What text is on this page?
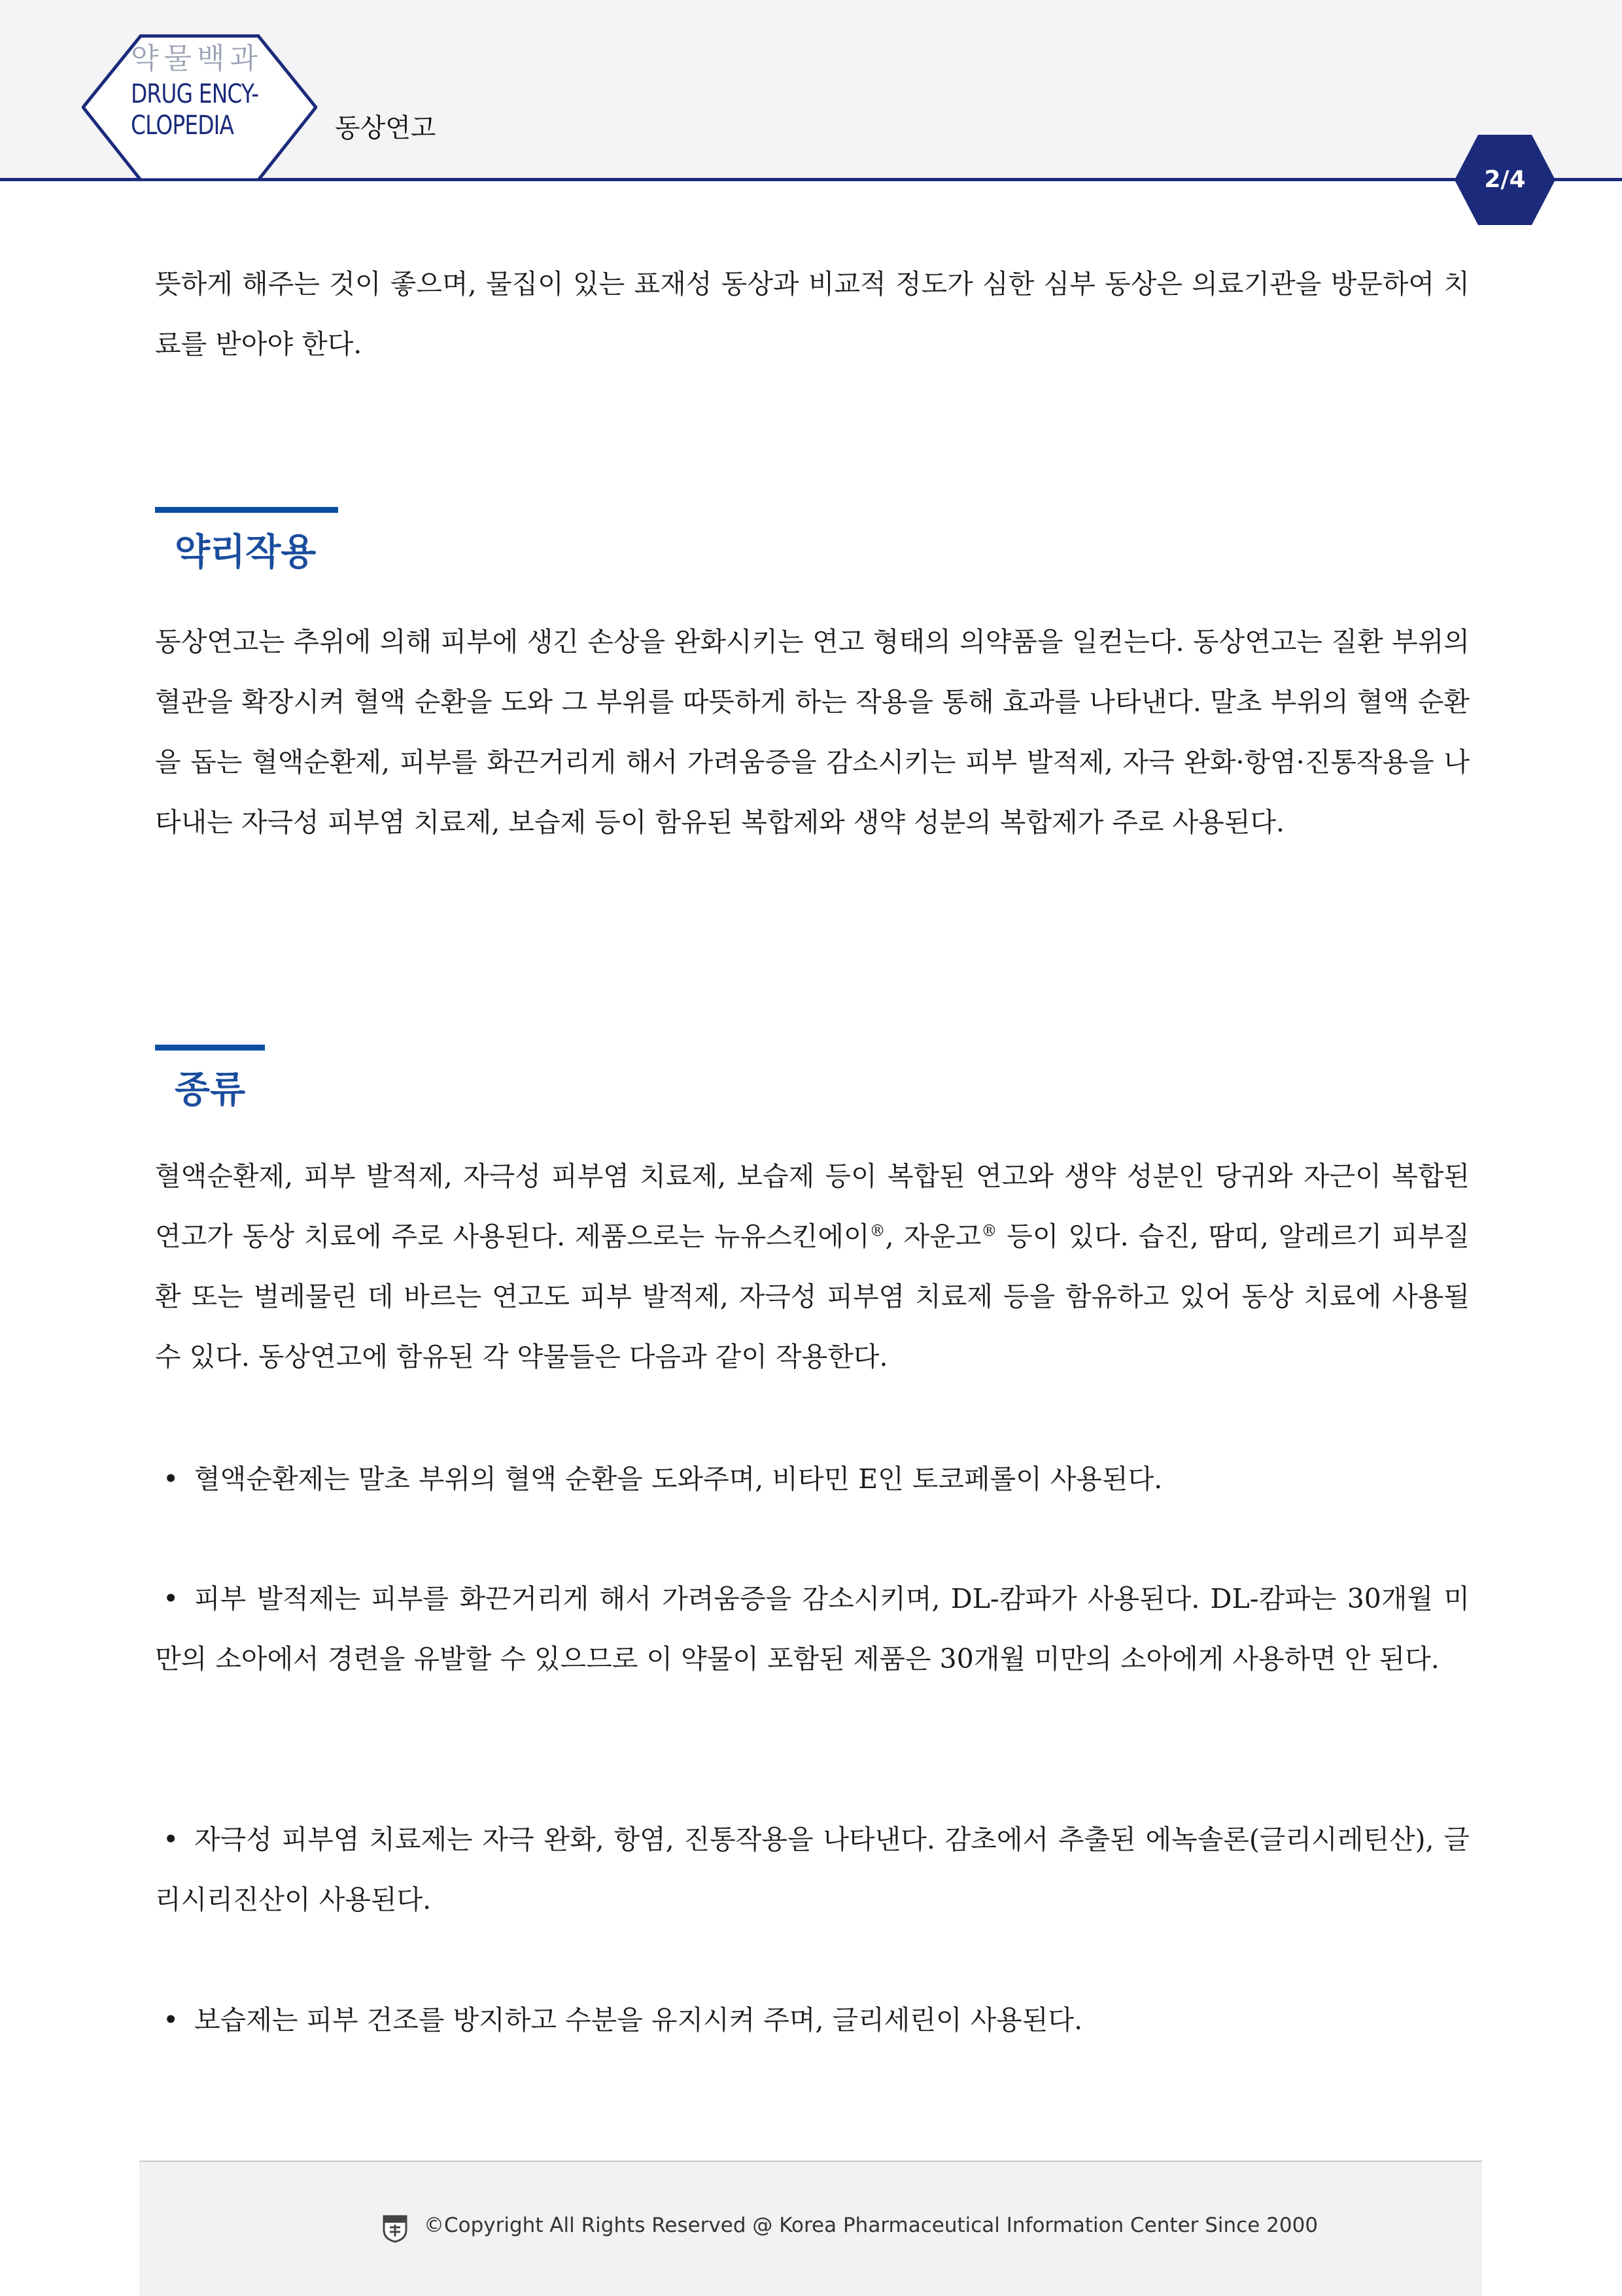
약물백과
DRUG ENCY-
CLOPEDIA	동상연고
2/4
뜻하게 해주는 것이 좋으며, 물집이 있는 표재성 동상과 비교적 정도가 심한 심부 동상은 의료기관을 방문하여 치료를 받아야 한다.
약리작용
동상연고는 추위에 의해 피부에 생긴 손상을 완화시키는 연고 형태의 의약품을 일컫는다. 동상연고는 질환 부위의 혈관을 확장시켜 혈액 순환을 도와 그 부위를 따뜻하게 하는 작용을 통해 효과를 나타낸다. 말초 부위의 혈액 순환을 돕는 혈액순환제, 피부를 화끈거리게 해서 가려움증을 감소시키는 피부 발적제, 자극 완화·항염·진통작용을 나타내는 자극성 피부염 치료제, 보습제 등이 함유된 복합제와 생약 성분의 복합제가 주로 사용된다.
종류
혈액순환제, 피부 발적제, 자극성 피부염 치료제, 보습제 등이 복합된 연고와 생약 성분인 당귀와 자근이 복합된 연고가 동상 치료에 주로 사용된다. 제품으로는 뉴유스킨에이®, 자운고® 등이 있다. 습진, 땀띠, 알레르기 피부질환 또는 벌레물린 데 바르는 연고도 피부 발적제, 자극성 피부염 치료제 등을 함유하고 있어 동상 치료에 사용될 수 있다. 동상연고에 함유된 각 약물들은 다음과 같이 작용한다.
• 혈액순환제는 말초 부위의 혈액 순환을 도와주며, 비타민 E인 토코페롤이 사용된다.
• 피부 발적제는 피부를 화끈거리게 해서 가려움증을 감소시키며, DL-캄파가 사용된다. DL-캄파는 30개월 미만의 소아에서 경련을 유발할 수 있으므로 이 약물이 포함된 제품은 30개월 미만의 소아에게 사용하면 안 된다.
• 자극성 피부염 치료제는 자극 완화, 항염, 진통작용을 나타낸다. 감초에서 추출된 에녹솔론(글리시레틴산), 글리시리진산이 사용된다.
• 보습제는 피부 건조를 방지하고 수분을 유지시켜 주며, 글리세린이 사용된다.
©Copyright All Rights Reserved @ Korea Pharmaceutical Information Center Since 2000
